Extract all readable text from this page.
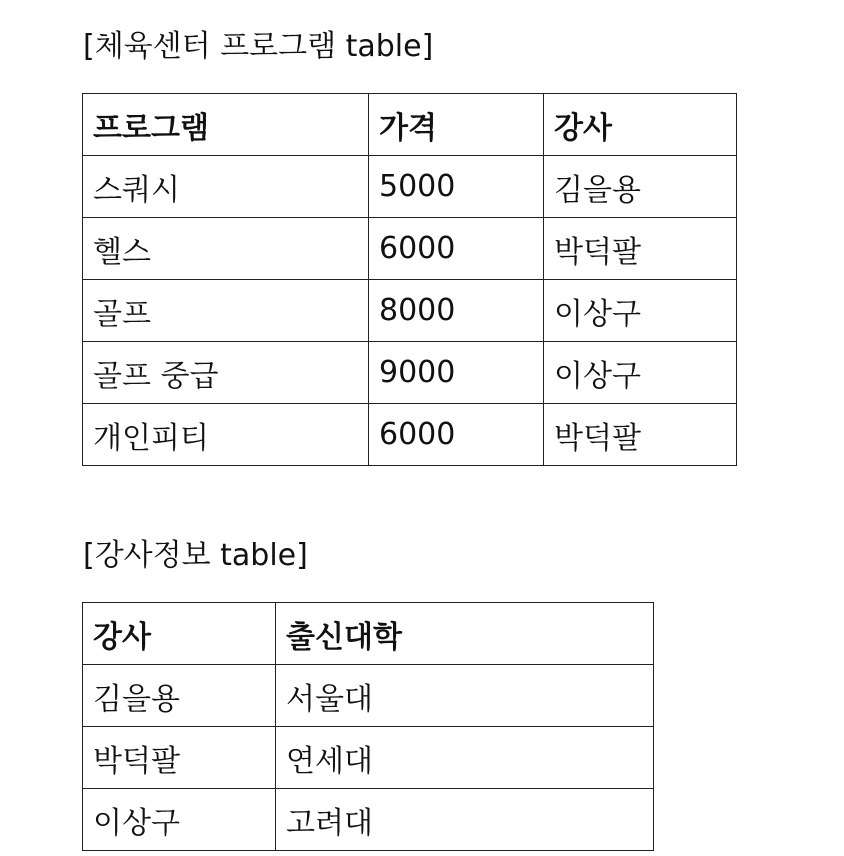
[체육센터 프로그램 table]
프로그램	가격	강사
스쿼시	5000	김을용
헬스	6000	박덕팔
골프	8000	이상구
골프 중급	9000	이상구
개인피티	6000	박덕팔
[강사정보 table]
강사	출신대학
김을용	서울대
박덕팔	연세대
이상구	고려대
